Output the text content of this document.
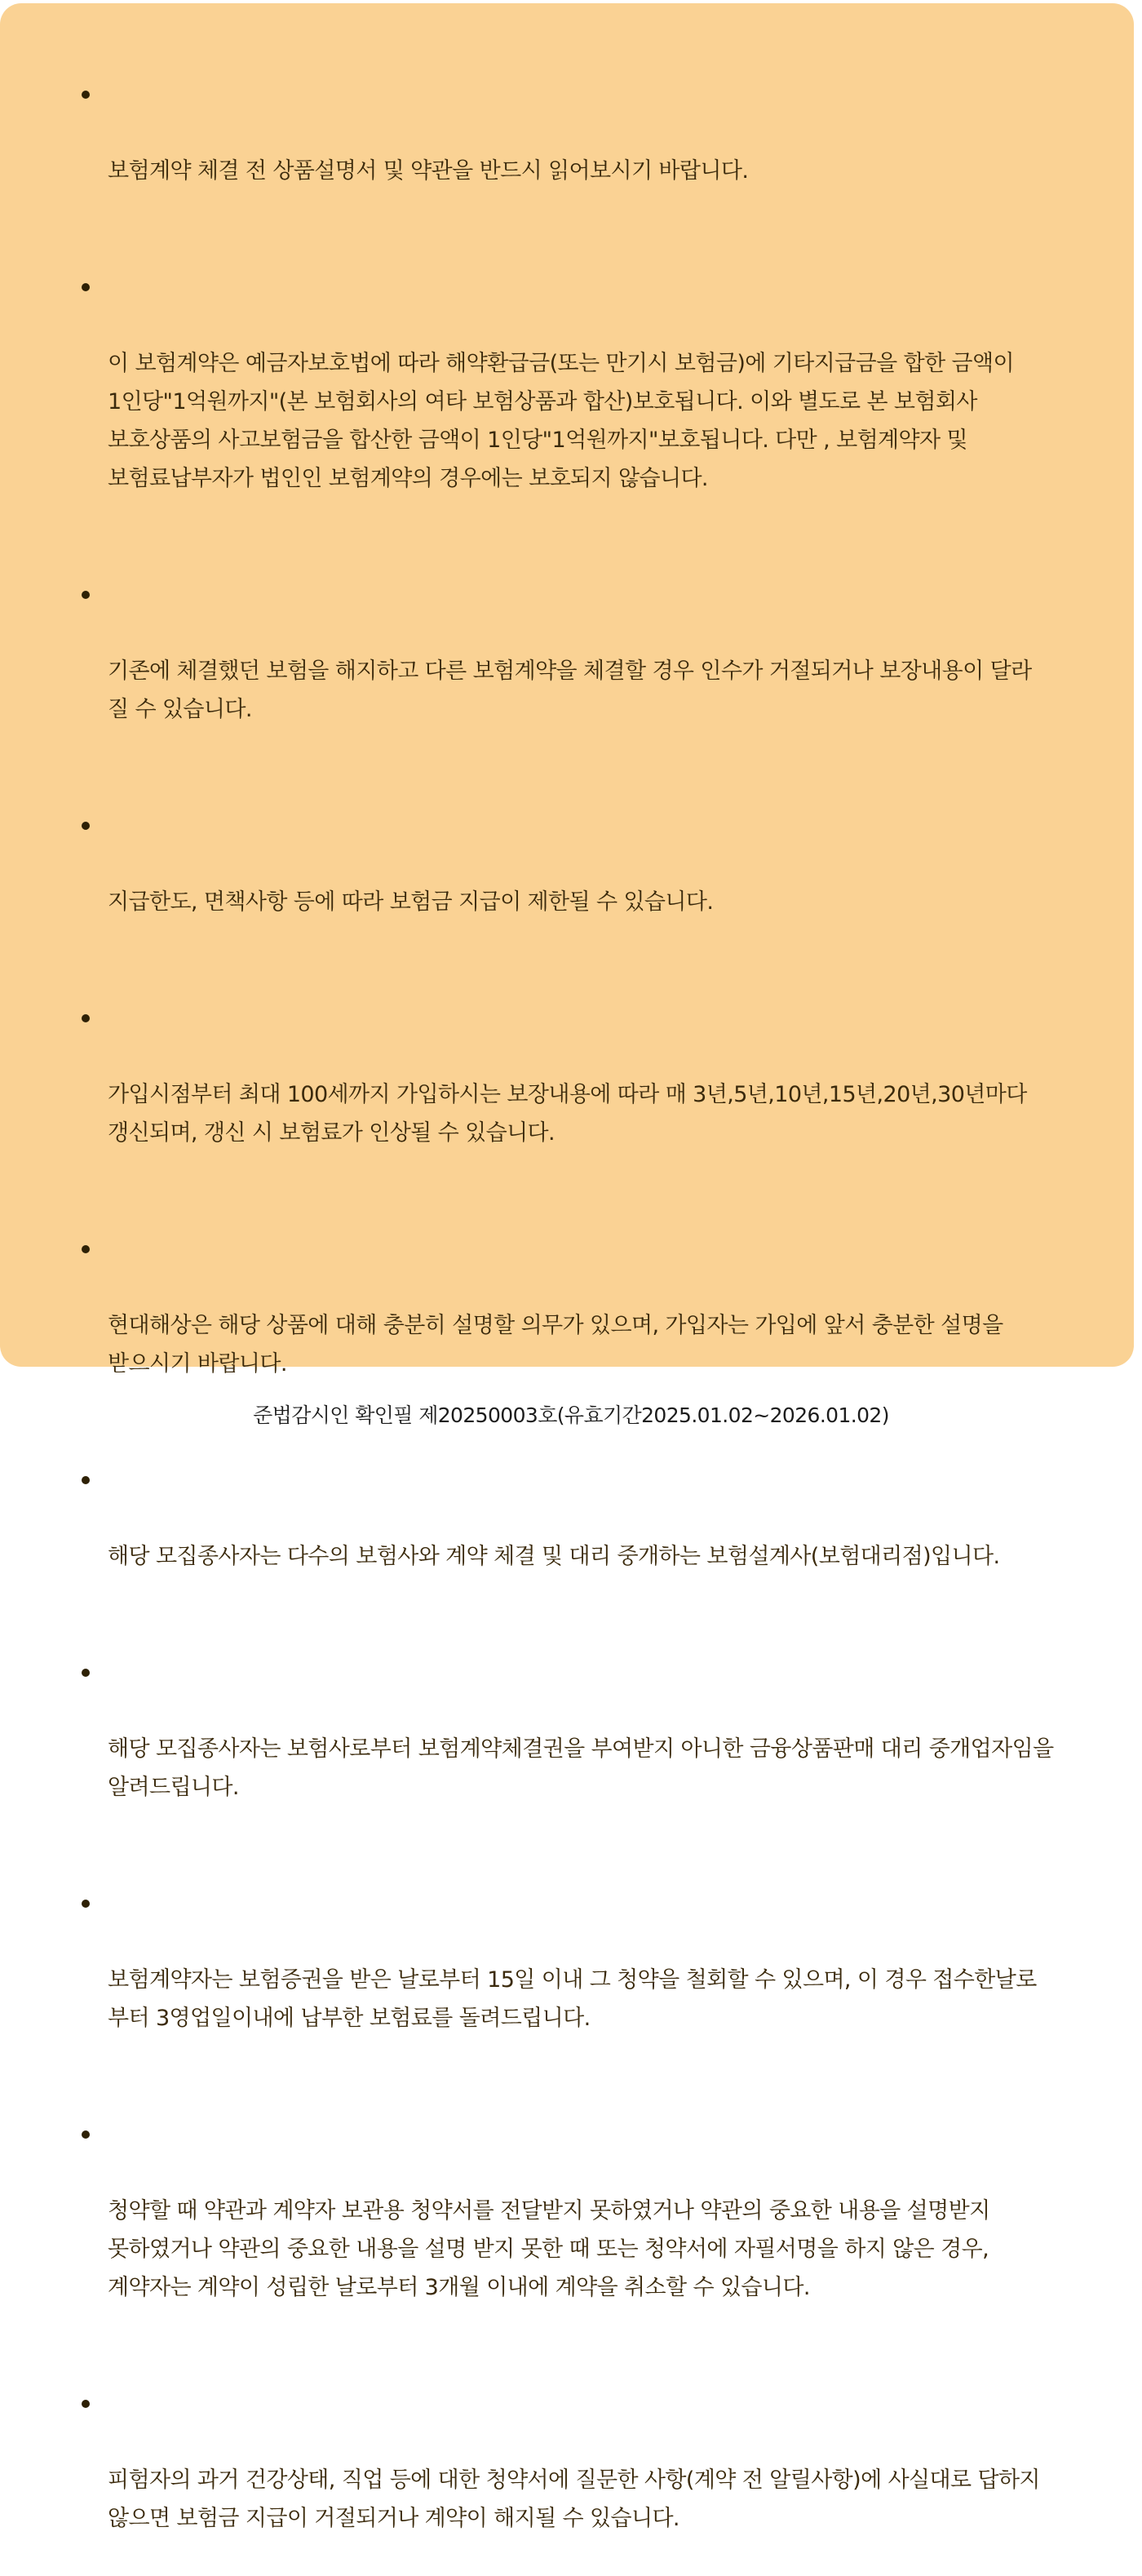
보험계약 체결 전 상품설명서 및 약관을 반드시 읽어보시기 바랍니다.

이 보험계약은 예금자보호법에 따라 해약환급금(또는 만기시 보험금)에 기타지급금을 합한 금액이
1인당"1억원까지"(본 보험회사의 여타 보험상품과 합산)보호됩니다. 이와 별도로 본 보험회사
보호상품의 사고보험금을 합산한 금액이 1인당"1억원까지"보호됩니다. 다만 , 보험계약자 및
보험료납부자가 법인인 보험계약의 경우에는 보호되지 않습니다.

기존에 체결했던 보험을 해지하고 다른 보험계약을 체결할 경우 인수가 거절되거나 보장내용이 달라
질 수 있습니다.

지급한도, 면책사항 등에 따라 보험금 지급이 제한될 수 있습니다.

가입시점부터 최대 100세까지 가입하시는 보장내용에 따라 매 3년,5년,10년,15년,20년,30년마다
갱신되며, 갱신 시 보험료가 인상될 수 있습니다.

현대해상은 해당 상품에 대해 충분히 설명할 의무가 있으며, 가입자는 가입에 앞서 충분한 설명을
받으시기 바랍니다.

해당 모집종사자는 다수의 보험사와 계약 체결 및 대리 중개하는 보험설계사(보험대리점)입니다.

해당 모집종사자는 보험사로부터 보험계약체결권을 부여받지 아니한 금융상품판매 대리 중개업자임을
알려드립니다.

보험계약자는 보험증권을 받은 날로부터 15일 이내 그 청약을 철회할 수 있으며, 이 경우 접수한날로
부터 3영업일이내에 납부한 보험료를 돌려드립니다.

청약할 때 약관과 계약자 보관용 청약서를 전달받지 못하였거나 약관의 중요한 내용을 설명받지
못하였거나 약관의 중요한 내용을 설명 받지 못한 때 또는 청약서에 자필서명을 하지 않은 경우,
계약자는 계약이 성립한 날로부터 3개월 이내에 계약을 취소할 수 있습니다.

피험자의 과거 건강상태, 직업 등에 대한 청약서에 질문한 사항(계약 전 알릴사항)에 사실대로 답하지
않으면 보험금 지급이 거절되거나 계약이 해지될 수 있습니다.

준법감시인 확인필 제20250003호(유효기간2025.01.02~2026.01.02)
